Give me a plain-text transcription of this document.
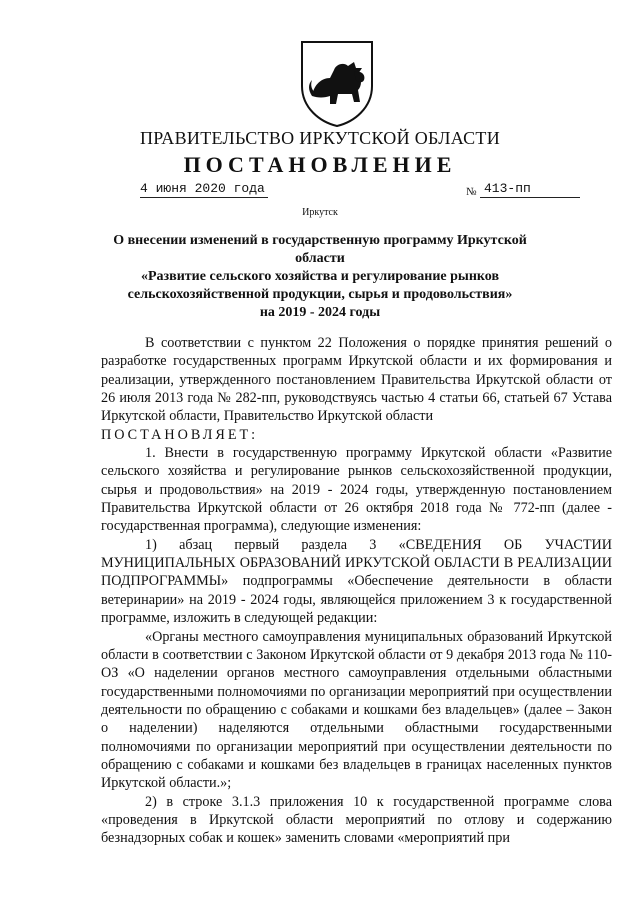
ПРАВИТЕЛЬСТВО ИРКУТСКОЙ ОБЛАСТИ
ПОСТАНОВЛЕНИЕ
4 июня 2020 года	№ 413-пп
Иркутск
О внесении изменений в государственную программу Иркутской области
«Развитие сельского хозяйства и регулирование рынков
сельскохозяйственной продукции, сырья и продовольствия»
на 2019 - 2024 годы

В соответствии с пунктом 22 Положения о порядке принятия решений о разработке государственных программ Иркутской области и их формирования и реализации, утвержденного постановлением Правительства Иркутской области от 26 июля 2013 года № 282-пп, руководствуясь частью 4 статьи 66, статьей 67 Устава Иркутской области, Правительство Иркутской области

ПОСТАНОВЛЯЕТ:

1. Внести в государственную программу Иркутской области «Развитие сельского хозяйства и регулирование рынков сельскохозяйственной продукции, сырья и продовольствия» на 2019 - 2024 годы, утвержденную постановлением Правительства Иркутской области от 26 октября 2018 года № 772-пп (далее - государственная программа), следующие изменения:

1) абзац первый раздела 3 «СВЕДЕНИЯ ОБ УЧАСТИИ МУНИЦИПАЛЬНЫХ ОБРАЗОВАНИЙ ИРКУТСКОЙ ОБЛАСТИ В РЕАЛИЗАЦИИ ПОДПРОГРАММЫ» подпрограммы «Обеспечение деятельности в области ветеринарии» на 2019 - 2024 годы, являющейся приложением 3 к государственной программе, изложить в следующей редакции:

«Органы местного самоуправления муниципальных образований Иркутской области в соответствии с Законом Иркутской области от 9 декабря 2013 года № 110-ОЗ «О наделении органов местного самоуправления отдельными областными государственными полномочиями по организации мероприятий при осуществлении деятельности по обращению с собаками и кошками без владельцев» (далее – Закон о наделении) наделяются отдельными областными государственными полномочиями по организации мероприятий при осуществлении деятельности по обращению с собаками и кошками без владельцев в границах населенных пунктов Иркутской области.»;

2) в строке 3.1.3 приложения 10 к государственной программе слова «проведения в Иркутской области мероприятий по отлову и содержанию безнадзорных собак и кошек» заменить словами «мероприятий при
